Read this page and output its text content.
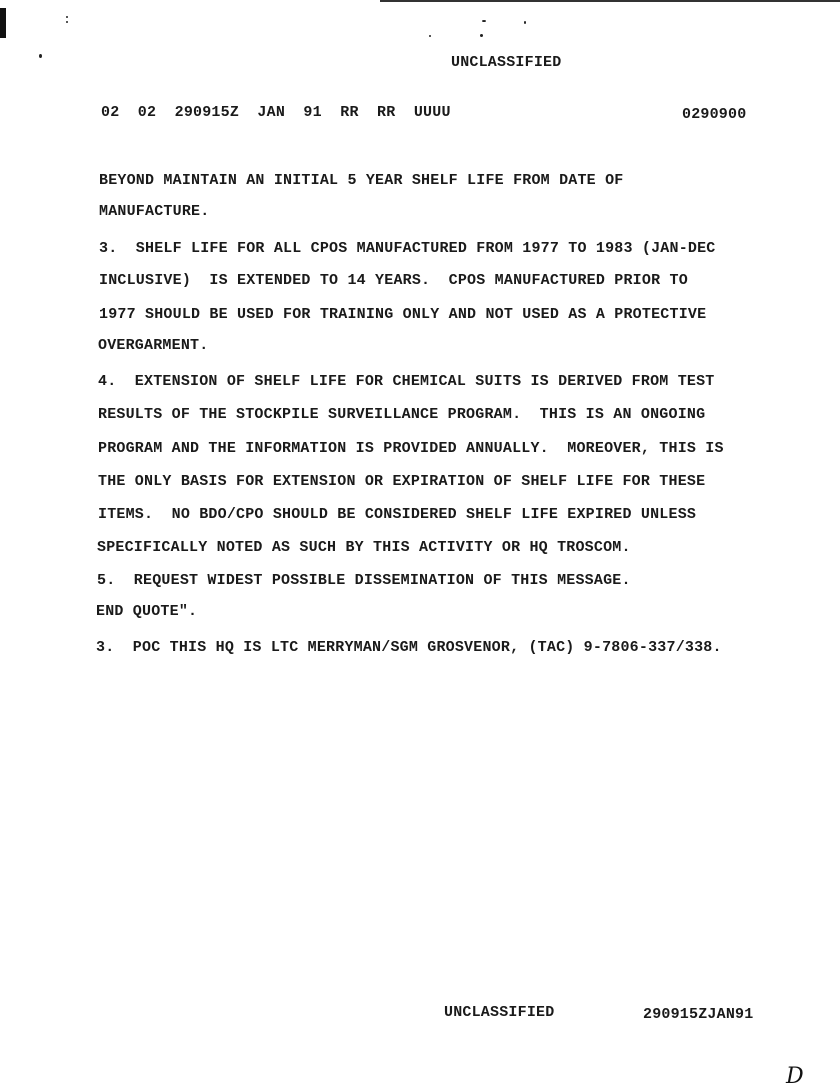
UNCLASSIFIED
02  02  290915Z  JAN  91  RR  RR  UUUU	0290900
BEYOND MAINTAIN AN INITIAL 5 YEAR SHELF LIFE FROM DATE OF
MANUFACTURE.
3.  SHELF LIFE FOR ALL CPOS MANUFACTURED FROM 1977 TO 1983 (JAN-DEC
INCLUSIVE)  IS EXTENDED TO 14 YEARS.  CPOS MANUFACTURED PRIOR TO
1977 SHOULD BE USED FOR TRAINING ONLY AND NOT USED AS A PROTECTIVE
OVERGARMENT.
4.  EXTENSION OF SHELF LIFE FOR CHEMICAL SUITS IS DERIVED FROM TEST
RESULTS OF THE STOCKPILE SURVEILLANCE PROGRAM.  THIS IS AN ONGOING
PROGRAM AND THE INFORMATION IS PROVIDED ANNUALLY.  MOREOVER, THIS IS
THE ONLY BASIS FOR EXTENSION OR EXPIRATION OF SHELF LIFE FOR THESE
ITEMS.  NO BDO/CPO SHOULD BE CONSIDERED SHELF LIFE EXPIRED UNLESS
SPECIFICALLY NOTED AS SUCH BY THIS ACTIVITY OR HQ TROSCOM.
5.  REQUEST WIDEST POSSIBLE DISSEMINATION OF THIS MESSAGE.
END QUOTE".
3.  POC THIS HQ IS LTC MERRYMAN/SGM GROSVENOR, (TAC) 9-7806-337/338.
UNCLASSIFIED	290915ZJAN91
D
